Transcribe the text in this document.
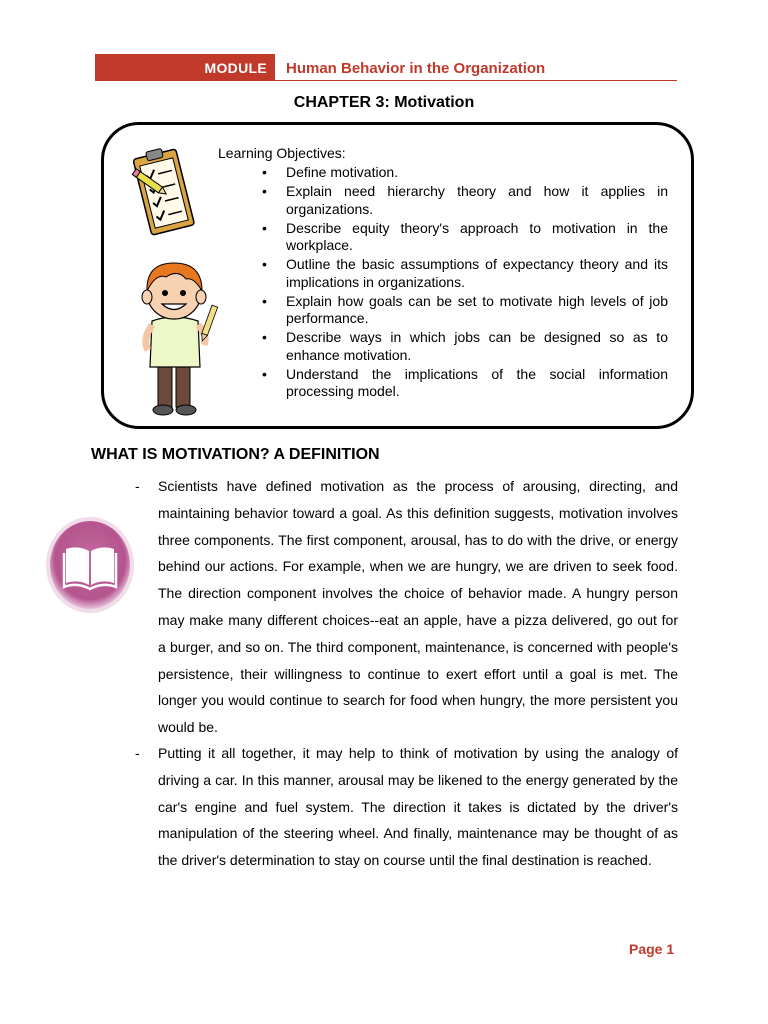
MODULE	Human Behavior in the Organization
CHAPTER 3: Motivation
Learning Objectives:
• Define motivation.
• Explain need hierarchy theory and how it applies in organizations.
• Describe equity theory's approach to motivation in the workplace.
• Outline the basic assumptions of expectancy theory and its implications in organizations.
• Explain how goals can be set to motivate high levels of job performance.
• Describe ways in which jobs can be designed so as to enhance motivation.
• Understand the implications of the social information processing model.
WHAT IS MOTIVATION? A DEFINITION
- Scientists have defined motivation as the process of arousing, directing, and maintaining behavior toward a goal. As this definition suggests, motivation involves three components. The first component, arousal, has to do with the drive, or energy behind our actions. For example, when we are hungry, we are driven to seek food. The direction component involves the choice of behavior made. A hungry person may make many different choices--eat an apple, have a pizza delivered, go out for a burger, and so on. The third component, maintenance, is concerned with people's persistence, their willingness to continue to exert effort until a goal is met. The longer you would continue to search for food when hungry, the more persistent you would be.
- Putting it all together, it may help to think of motivation by using the analogy of driving a car. In this manner, arousal may be likened to the energy generated by the car's engine and fuel system. The direction it takes is dictated by the driver's manipulation of the steering wheel. And finally, maintenance may be thought of as the driver's determination to stay on course until the final destination is reached.
Page 1
